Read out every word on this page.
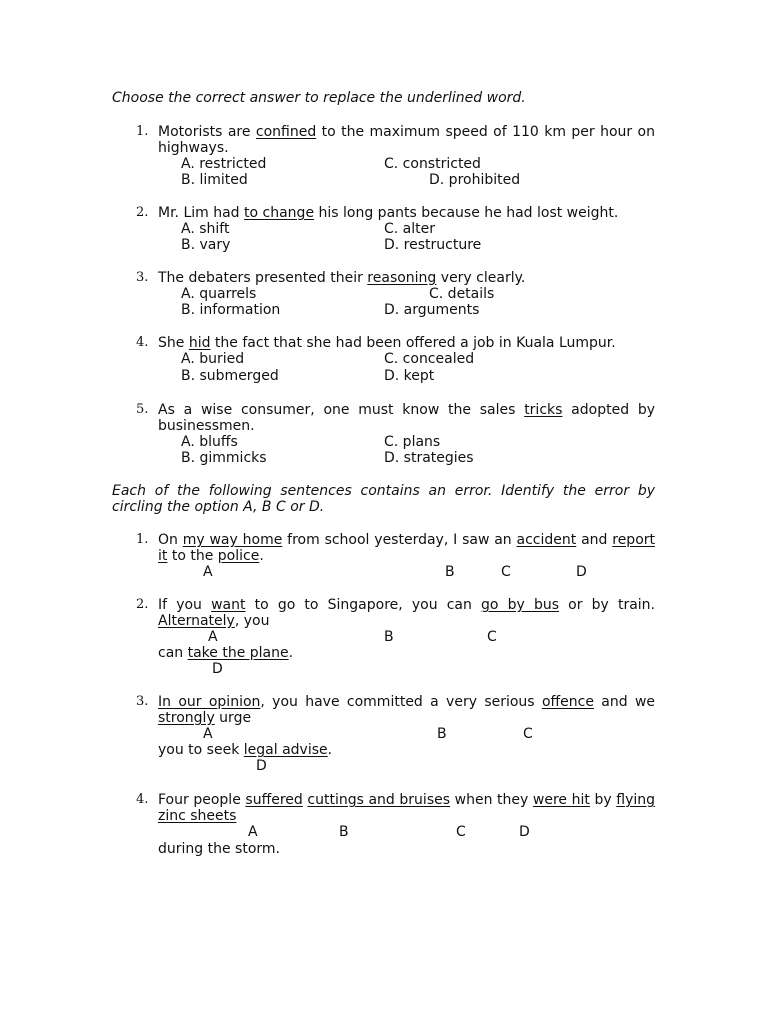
Choose the correct answer to replace the underlined word.
1. Motorists are confined to the maximum speed of 110 km per hour on
highways.
A. restricted	C. constricted
B. limited	D. prohibited
2. Mr. Lim had to change his long pants because he had lost weight.
A. shift	C. alter
B. vary	D. restructure
3. The debaters presented their reasoning very clearly.
A. quarrels	C. details
B. information	D. arguments
4. She hid the fact that she had been offered a job in Kuala Lumpur.
A. buried	C. concealed
B. submerged	D. kept
5. As a wise consumer, one must know the sales tricks adopted by
businessmen.
A. bluffs	C. plans
B. gimmicks	D. strategies
Each of the following sentences contains an error. Identify the error by
circling the option A, B C or D.
1. On my way home from school yesterday, I saw an accident and report
it to the police.
A	B	C	D
2. If you want to go to Singapore, you can go by bus or by train.
Alternately, you
A	B	C
can take the plane.
D
3. In our opinion, you have committed a very serious offence and we
strongly urge
A	B	C
you to seek legal advise.
D
4. Four people suffered cuttings and bruises when they were hit by flying
zinc sheets
A	B	C	D
during the storm.
